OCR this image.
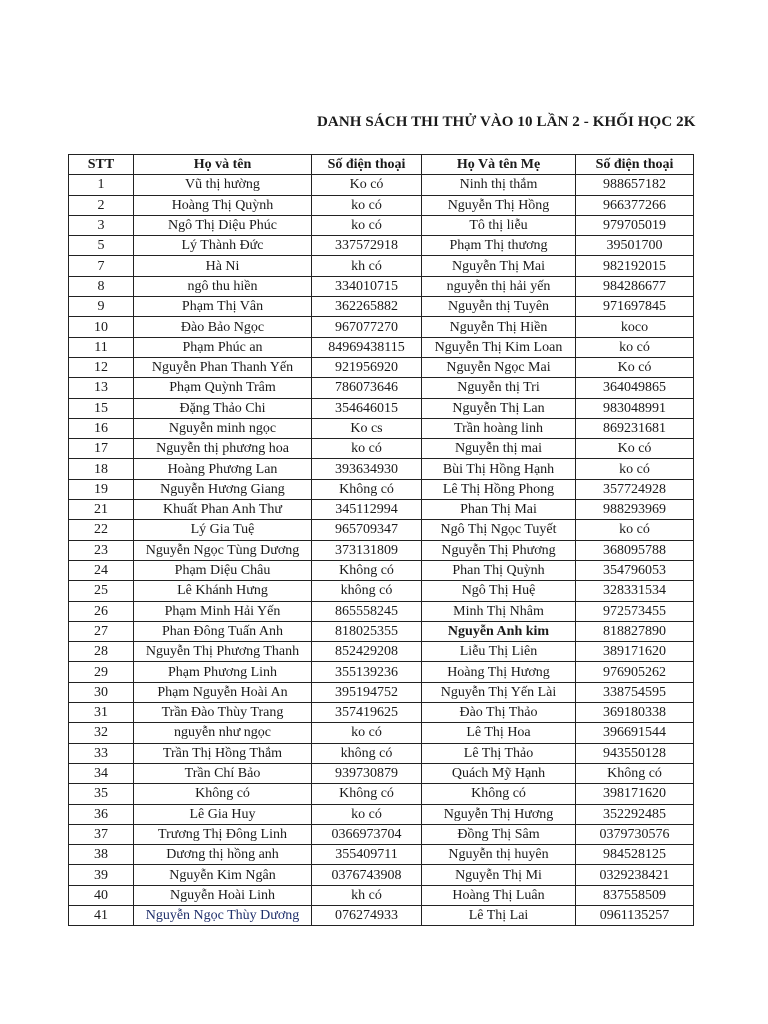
DANH SÁCH THI THỬ VÀO 10 LẦN 2 - KHỐI HỌC 2K
STT	Họ và tên	Số điện thoại	Họ Và tên Mẹ	Số điện thoại
1	Vũ thị hường	Ko có	Ninh thị thắm	988657182
2	Hoàng Thị Quỳnh	ko có	Nguyễn Thị Hồng	966377266
3	Ngô Thị Diệu Phúc	ko có	Tô thị liễu	979705019
5	Lý Thành Đức	337572918	Phạm Thị thương	39501700
7	Hà Ni	kh có	Nguyễn Thị Mai	982192015
8	ngô thu hiền	334010715	nguyễn thị hải yến	984286677
9	Phạm Thị Vân	362265882	Nguyễn thị Tuyên	971697845
10	Đào Bảo Ngọc	967077270	Nguyễn Thị Hiền	koco
11	Phạm Phúc an	84969438115	Nguyễn Thị Kim Loan	ko có
12	Nguyễn Phan Thanh Yến	921956920	Nguyễn Ngọc Mai	Ko có
13	Phạm Quỳnh Trâm	786073646	Nguyễn thị Tri	364049865
15	Đặng Thảo Chi	354646015	Nguyễn Thị Lan	983048991
16	Nguyễn minh ngọc	Ko cs	Trần hoàng linh	869231681
17	Nguyễn thị phương hoa	ko có	Nguyễn thị mai	Ko có
18	Hoàng Phương Lan	393634930	Bùi Thị Hồng Hạnh	ko có
19	Nguyễn Hương Giang	Không có	Lê Thị Hồng Phong	357724928
21	Khuất Phan Anh Thư	345112994	Phan Thị Mai	988293969
22	Lý Gia Tuệ	965709347	Ngô Thị Ngọc Tuyết	ko có
23	Nguyễn Ngọc Tùng Dương	373131809	Nguyễn Thị Phương	368095788
24	Phạm Diệu Châu	Không có	Phan Thị Quỳnh	354796053
25	Lê Khánh Hưng	không có	Ngô Thị Huệ	328331534
26	Phạm Minh Hải Yến	865558245	Minh Thị Nhâm	972573455
27	Phan Đông Tuấn Anh	818025355	Nguyễn Anh kim	818827890
28	Nguyễn Thị Phương Thanh	852429208	Liễu Thị Liên	389171620
29	Phạm Phương Linh	355139236	Hoàng Thị Hương	976905262
30	Phạm Nguyễn Hoài An	395194752	Nguyễn Thị Yến Lài	338754595
31	Trần Đào Thùy Trang	357419625	Đào Thị Thảo	369180338
32	nguyễn như ngọc	ko có	Lê Thị Hoa	396691544
33	Trần Thị Hồng Thắm	không có	Lê Thị Thảo	943550128
34	Trần Chí Bảo	939730879	Quách Mỹ Hạnh	Không có
35	Không có	Không có	Không có	398171620
36	Lê Gia Huy	ko có	Nguyễn Thị Hương	352292485
37	Trương Thị Đông Linh	0366973704	Đồng Thị Sâm	0379730576
38	Dương thị hồng anh	355409711	Nguyễn thị huyên	984528125
39	Nguyễn Kim Ngân	0376743908	Nguyễn Thị Mi	0329238421
40	Nguyễn Hoài Linh	kh có	Hoàng Thị Luân	837558509
41	Nguyễn Ngọc Thùy Dương	076274933	Lê Thị Lai	0961135257
